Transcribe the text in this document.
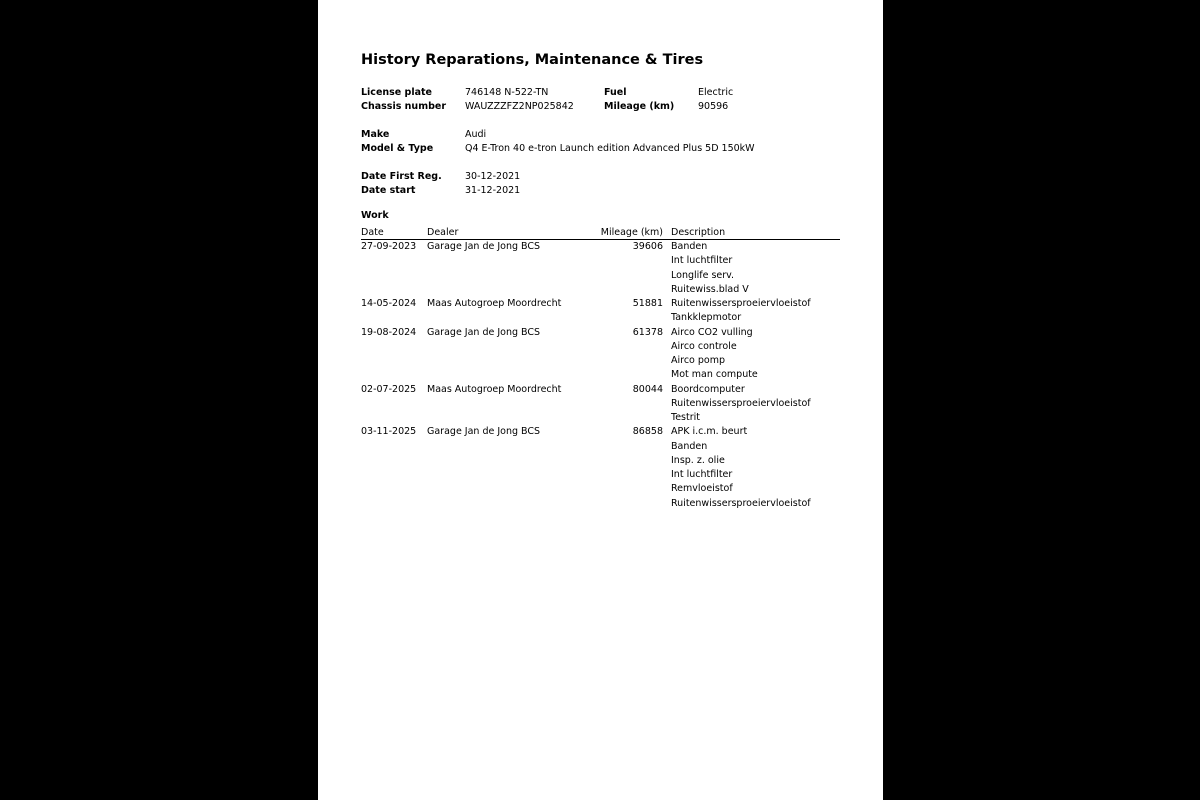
History Reparations, Maintenance & Tires
License plate	746148 N-522-TN	Fuel	Electric
Chassis number WAUZZZFZ2NP025842	Mileage (km) 90596
Make	Audi
Model & Type	Q4 E-Tron 40 e-tron Launch edition Advanced Plus 5D 150kW
Date First Reg. 30-12-2021
Date start	31-12-2021
Work
Date	Dealer	Mileage (km) Description
27-09-2023 Garage Jan de Jong BCS	39606 Banden
Int luchtfilter
Longlife serv.
Ruitewiss.blad V
14-05-2024 Maas Autogroep Moordrecht	51881 Ruitenwissersproeiervloeistof
Tankklepmotor
19-08-2024 Garage Jan de Jong BCS	61378 Airco CO2 vulling
Airco controle
Airco pomp
Mot man compute
02-07-2025 Maas Autogroep Moordrecht	80044 Boordcomputer
Ruitenwissersproeiervloeistof
Testrit
03-11-2025 Garage Jan de Jong BCS	86858 APK i.c.m. beurt
Banden
Insp. z. olie
Int luchtfilter
Remvloeistof
Ruitenwissersproeiervloeistof
